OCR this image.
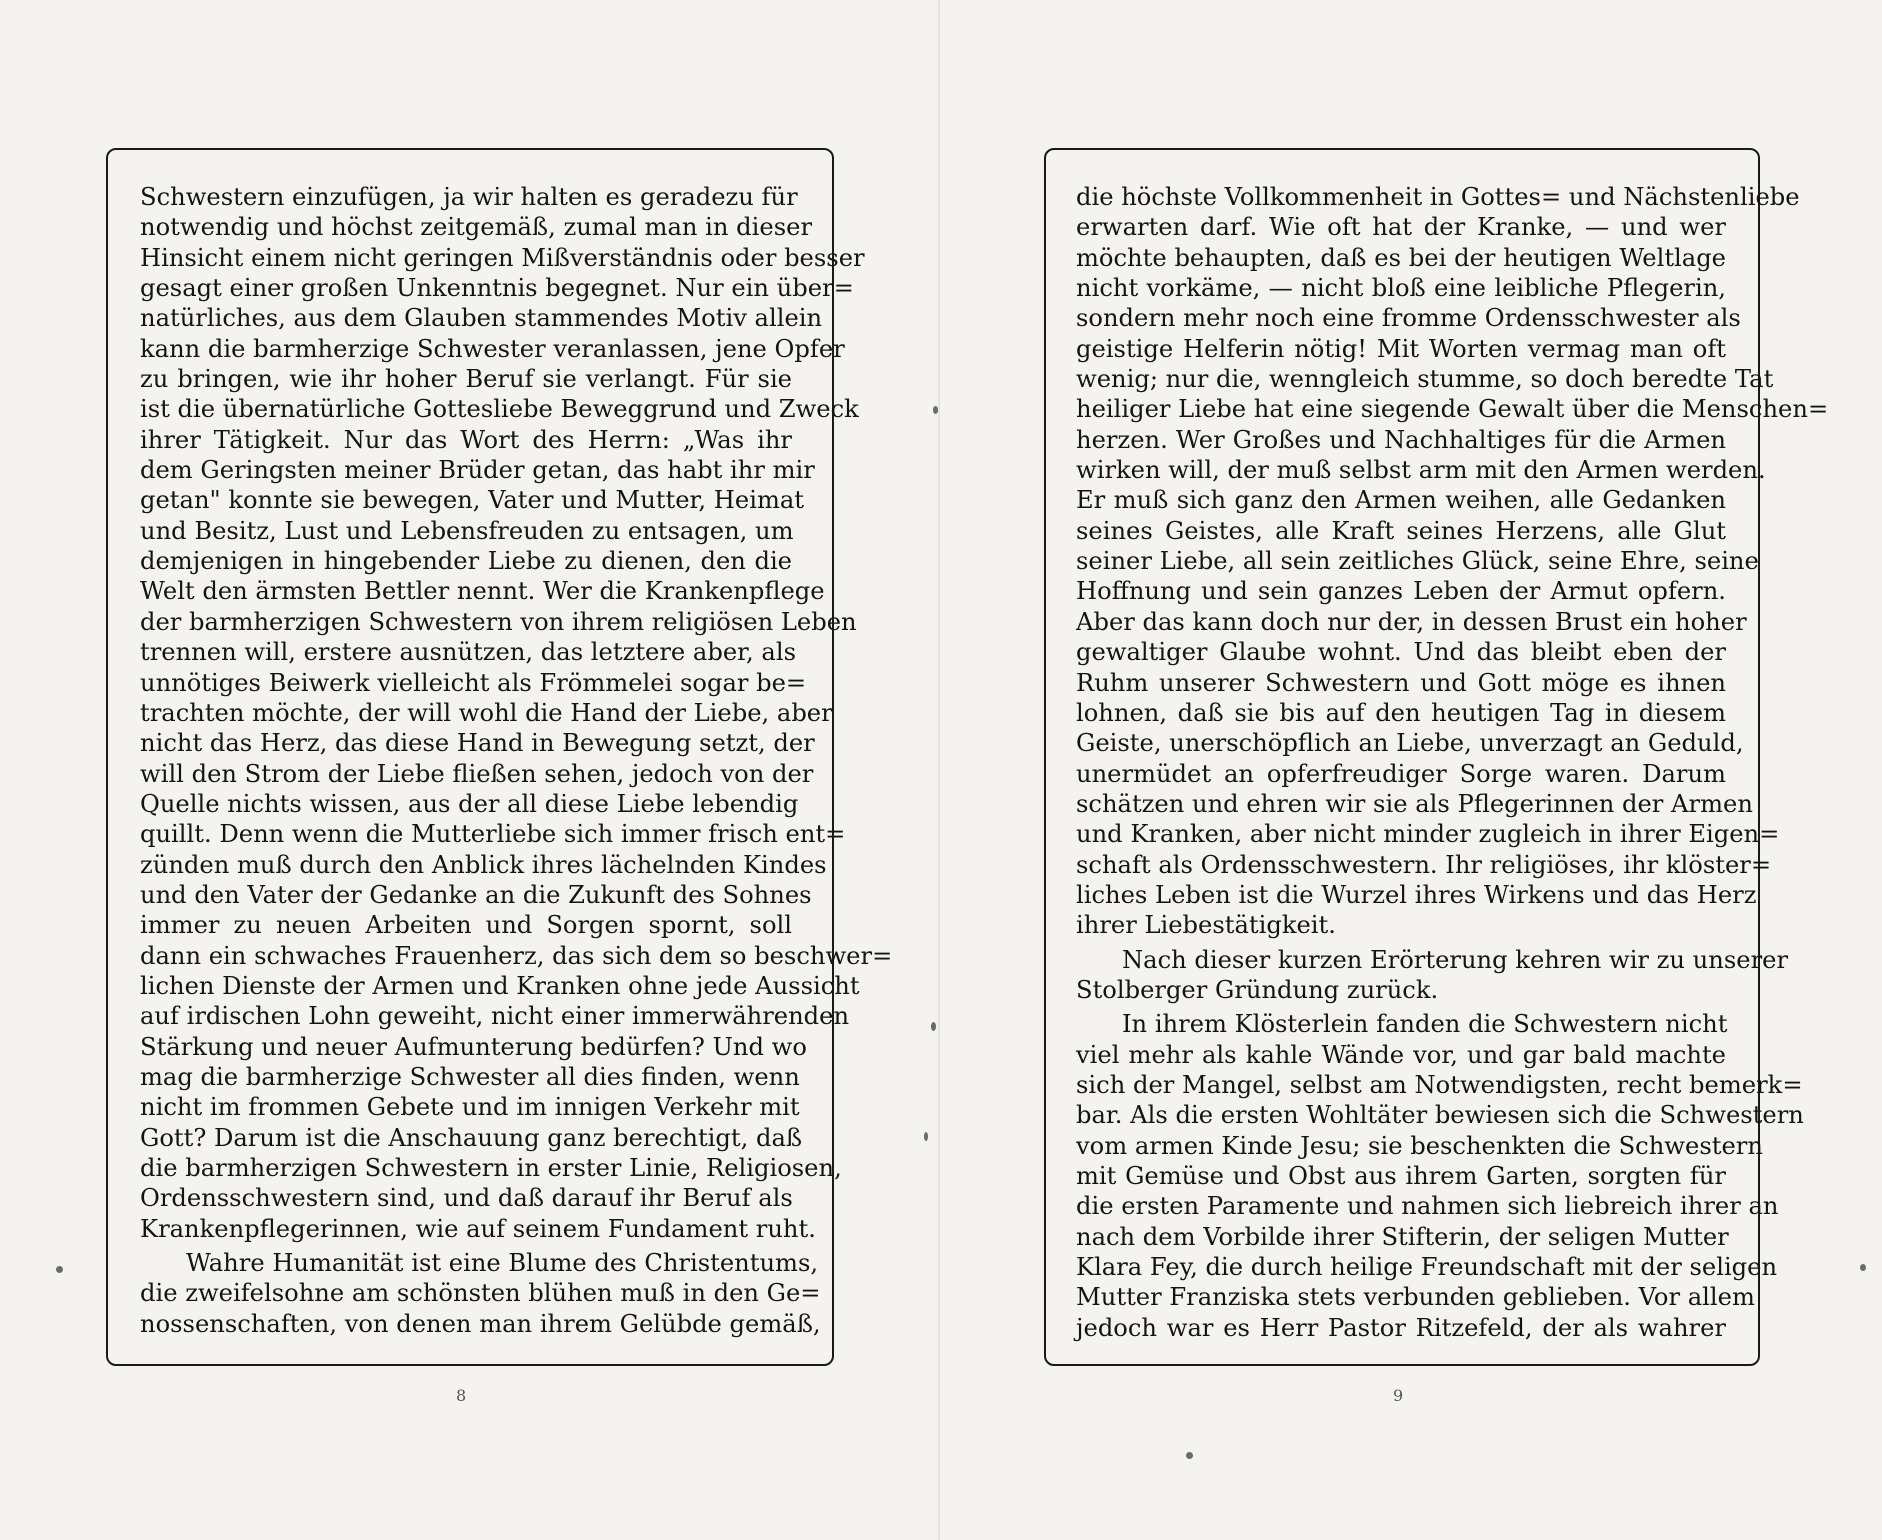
Schwestern einzufügen, ja wir halten es geradezu für
notwendig und höchst zeitgemäß, zumal man in dieser
Hinsicht einem nicht geringen Mißverständnis oder besser
gesagt einer großen Unkenntnis begegnet. Nur ein über=
natürliches, aus dem Glauben stammendes Motiv allein
kann die barmherzige Schwester veranlassen, jene Opfer
zu bringen, wie ihr hoher Beruf sie verlangt. Für sie
ist die übernatürliche Gottesliebe Beweggrund und Zweck
ihrer Tätigkeit. Nur das Wort des Herrn: „Was ihr
dem Geringsten meiner Brüder getan, das habt ihr mir
getan" konnte sie bewegen, Vater und Mutter, Heimat
und Besitz, Lust und Lebensfreuden zu entsagen, um
demjenigen in hingebender Liebe zu dienen, den die
Welt den ärmsten Bettler nennt. Wer die Krankenpflege
der barmherzigen Schwestern von ihrem religiösen Leben
trennen will, erstere ausnützen, das letztere aber, als
unnötiges Beiwerk vielleicht als Frömmelei sogar be=
trachten möchte, der will wohl die Hand der Liebe, aber
nicht das Herz, das diese Hand in Bewegung setzt, der
will den Strom der Liebe fließen sehen, jedoch von der
Quelle nichts wissen, aus der all diese Liebe lebendig
quillt. Denn wenn die Mutterliebe sich immer frisch ent=
zünden muß durch den Anblick ihres lächelnden Kindes
und den Vater der Gedanke an die Zukunft des Sohnes
immer zu neuen Arbeiten und Sorgen spornt, soll
dann ein schwaches Frauenherz, das sich dem so beschwer=
lichen Dienste der Armen und Kranken ohne jede Aussicht
auf irdischen Lohn geweiht, nicht einer immerwährenden
Stärkung und neuer Aufmunterung bedürfen? Und wo
mag die barmherzige Schwester all dies finden, wenn
nicht im frommen Gebete und im innigen Verkehr mit
Gott? Darum ist die Anschauung ganz berechtigt, daß
die barmherzigen Schwestern in erster Linie, Religiosen,
Ordensschwestern sind, und daß darauf ihr Beruf als
Krankenpflegerinnen, wie auf seinem Fundament ruht.
Wahre Humanität ist eine Blume des Christentums,
die zweifelsohne am schönsten blühen muß in den Ge=
nossenschaften, von denen man ihrem Gelübde gemäß,
8
die höchste Vollkommenheit in Gottes= und Nächstenliebe
erwarten darf. Wie oft hat der Kranke, — und wer
möchte behaupten, daß es bei der heutigen Weltlage
nicht vorkäme, — nicht bloß eine leibliche Pflegerin,
sondern mehr noch eine fromme Ordensschwester als
geistige Helferin nötig! Mit Worten vermag man oft
wenig; nur die, wenngleich stumme, so doch beredte Tat
heiliger Liebe hat eine siegende Gewalt über die Menschen=
herzen. Wer Großes und Nachhaltiges für die Armen
wirken will, der muß selbst arm mit den Armen werden.
Er muß sich ganz den Armen weihen, alle Gedanken
seines Geistes, alle Kraft seines Herzens, alle Glut
seiner Liebe, all sein zeitliches Glück, seine Ehre, seine
Hoffnung und sein ganzes Leben der Armut opfern.
Aber das kann doch nur der, in dessen Brust ein hoher
gewaltiger Glaube wohnt. Und das bleibt eben der
Ruhm unserer Schwestern und Gott möge es ihnen
lohnen, daß sie bis auf den heutigen Tag in diesem
Geiste, unerschöpflich an Liebe, unverzagt an Geduld,
unermüdet an opferfreudiger Sorge waren. Darum
schätzen und ehren wir sie als Pflegerinnen der Armen
und Kranken, aber nicht minder zugleich in ihrer Eigen=
schaft als Ordensschwestern. Ihr religiöses, ihr klöster=
liches Leben ist die Wurzel ihres Wirkens und das Herz
ihrer Liebestätigkeit.
Nach dieser kurzen Erörterung kehren wir zu unserer
Stolberger Gründung zurück.
In ihrem Klösterlein fanden die Schwestern nicht
viel mehr als kahle Wände vor, und gar bald machte
sich der Mangel, selbst am Notwendigsten, recht bemerk=
bar. Als die ersten Wohltäter bewiesen sich die Schwestern
vom armen Kinde Jesu; sie beschenkten die Schwestern
mit Gemüse und Obst aus ihrem Garten, sorgten für
die ersten Paramente und nahmen sich liebreich ihrer an
nach dem Vorbilde ihrer Stifterin, der seligen Mutter
Klara Fey, die durch heilige Freundschaft mit der seligen
Mutter Franziska stets verbunden geblieben. Vor allem
jedoch war es Herr Pastor Ritzefeld, der als wahrer
9
